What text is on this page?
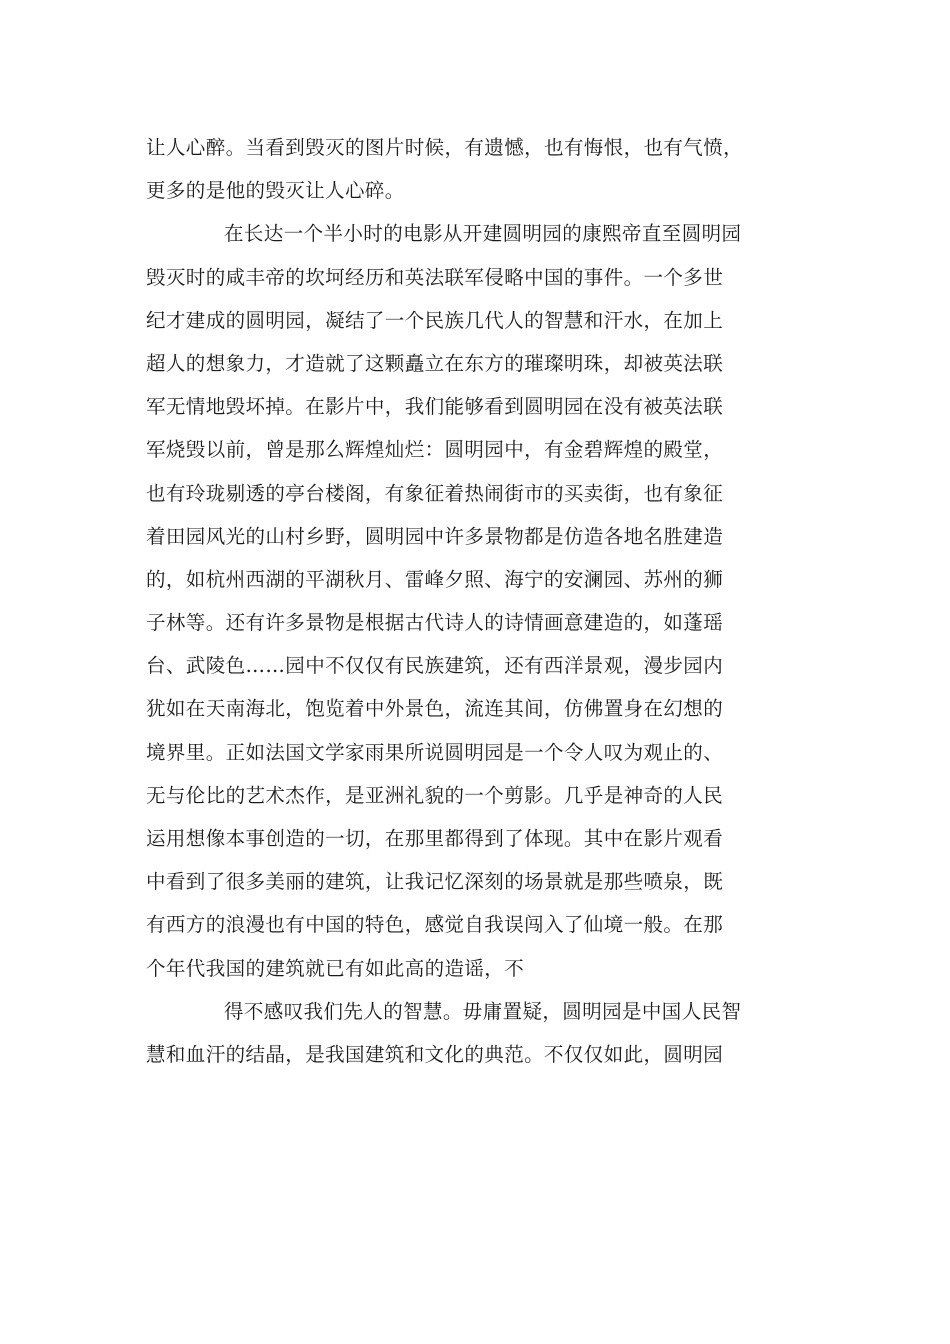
让人心醉。当看到毁灭的图片时候，有遗憾，也有悔恨，也有气愤，
更多的是他的毁灭让人心碎。
在长达一个半小时的电影从开建圆明园的康熙帝直至圆明园
毁灭时的咸丰帝的坎坷经历和英法联军侵略中国的事件。一个多世
纪才建成的圆明园，凝结了一个民族几代人的智慧和汗水，在加上
超人的想象力，才造就了这颗矗立在东方的璀璨明珠，却被英法联
军无情地毁坏掉。在影片中，我们能够看到圆明园在没有被英法联
军烧毁以前，曾是那么辉煌灿烂：圆明园中，有金碧辉煌的殿堂，
也有玲珑剔透的亭台楼阁，有象征着热闹街市的买卖街，也有象征
着田园风光的山村乡野，圆明园中许多景物都是仿造各地名胜建造
的，如杭州西湖的平湖秋月、雷峰夕照、海宁的安澜园、苏州的狮
子林等。还有许多景物是根据古代诗人的诗情画意建造的，如蓬瑶
台、武陵色……园中不仅仅有民族建筑，还有西洋景观，漫步园内
犹如在天南海北，饱览着中外景色，流连其间，仿佛置身在幻想的
境界里。正如法国文学家雨果所说圆明园是一个令人叹为观止的、
无与伦比的艺术杰作，是亚洲礼貌的一个剪影。几乎是神奇的人民
运用想像本事创造的一切，在那里都得到了体现。其中在影片观看
中看到了很多美丽的建筑，让我记忆深刻的场景就是那些喷泉，既
有西方的浪漫也有中国的特色，感觉自我误闯入了仙境一般。在那
个年代我国的建筑就已有如此高的造谣，不
得不感叹我们先人的智慧。毋庸置疑，圆明园是中国人民智
慧和血汗的结晶，是我国建筑和文化的典范。不仅仅如此，圆明园
